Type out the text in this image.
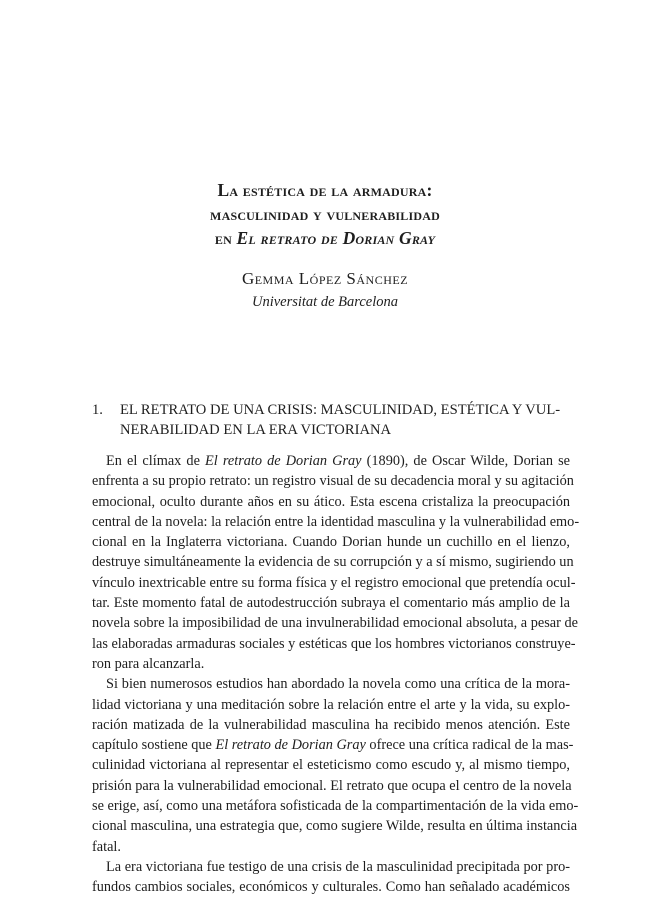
La estética de la armadura:
masculinidad y vulnerabilidad
en El retrato de Dorian Gray
Gemma López Sánchez
Universitat de Barcelona
1. EL RETRATO DE UNA CRISIS: MASCULINIDAD, ESTÉTICA Y VUL-
NERABILIDAD EN LA ERA VICTORIANA
En el clímax de El retrato de Dorian Gray (1890), de Oscar Wilde, Dorian se
enfrenta a su propio retrato: un registro visual de su decadencia moral y su agitación
emocional, oculto durante años en su ático. Esta escena cristaliza la preocupación
central de la novela: la relación entre la identidad masculina y la vulnerabilidad emo-
cional en la Inglaterra victoriana. Cuando Dorian hunde un cuchillo en el lienzo,
destruye simultáneamente la evidencia de su corrupción y a sí mismo, sugiriendo un
vínculo inextricable entre su forma física y el registro emocional que pretendía ocul-
tar. Este momento fatal de autodestrucción subraya el comentario más amplio de la
novela sobre la imposibilidad de una invulnerabilidad emocional absoluta, a pesar de
las elaboradas armaduras sociales y estéticas que los hombres victorianos construye-
ron para alcanzarla.
Si bien numerosos estudios han abordado la novela como una crítica de la mora-
lidad victoriana y una meditación sobre la relación entre el arte y la vida, su explo-
ración matizada de la vulnerabilidad masculina ha recibido menos atención. Este
capítulo sostiene que El retrato de Dorian Gray ofrece una crítica radical de la mas-
culinidad victoriana al representar el esteticismo como escudo y, al mismo tiempo,
prisión para la vulnerabilidad emocional. El retrato que ocupa el centro de la novela
se erige, así, como una metáfora sofisticada de la compartimentación de la vida emo-
cional masculina, una estrategia que, como sugiere Wilde, resulta en última instancia
fatal.
La era victoriana fue testigo de una crisis de la masculinidad precipitada por pro-
fundos cambios sociales, económicos y culturales. Como han señalado académicos
